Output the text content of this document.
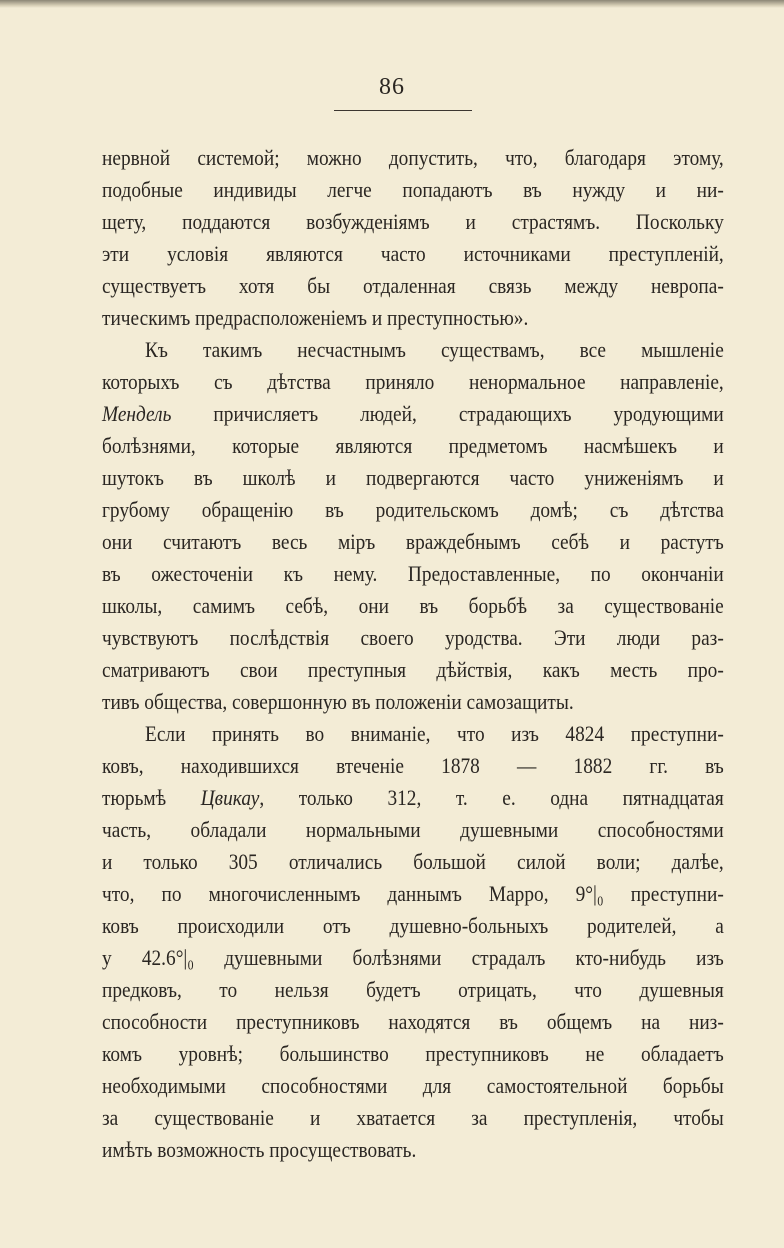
86
нервной системой; можно допустить, что, благодаря этому,
подобные индивиды легче попадаютъ въ нужду и ни-
щету, поддаются возбужденіямъ и страстямъ. Поскольку
эти условія являются часто источниками преступленій,
существуетъ хотя бы отдаленная связь между невропа-
тическимъ предрасположеніемъ и преступностью».
Къ такимъ несчастнымъ существамъ, все мышленіе
которыхъ съ дѣтства приняло ненормальное направленіе,
Мендель причисляетъ людей, страдающихъ уродующими
болѣзнями, которые являются предметомъ насмѣшекъ и
шутокъ въ школѣ и подвергаются часто униженіямъ и
грубому обращенію въ родительскомъ домѣ; съ дѣтства
они считаютъ весь міръ враждебнымъ себѣ и растутъ
въ ожесточеніи къ нему. Предоставленные, по окончаніи
школы, самимъ себѣ, они въ борьбѣ за существованіе
чувствуютъ послѣдствія своего уродства. Эти люди раз-
сматриваютъ свои преступныя дѣйствія, какъ месть про-
тивъ общества, совершонную въ положеніи самозащиты.
Если принять во вниманіе, что изъ 4824 преступни-
ковъ, находившихся втеченіе 1878 — 1882 гг. въ
тюрьмѣ Цвикау, только 312, т. е. одна пятнадцатая
часть, обладали нормальными душевными способностями
и только 305 отличались большой силой воли; далѣе,
что, по многочисленнымъ даннымъ Марро, 9°|₀ преступни-
ковъ происходили отъ душевно-больныхъ родителей, а
у 42.6°|₀ душевными болѣзнями страдалъ кто-нибудь изъ
предковъ, то нельзя будетъ отрицать, что душевныя
способности преступниковъ находятся въ общемъ на низ-
комъ уровнѣ; большинство преступниковъ не обладаетъ
необходимыми способностями для самостоятельной борьбы
за существованіе и хватается за преступленія, чтобы
имѣть возможность просуществовать.
